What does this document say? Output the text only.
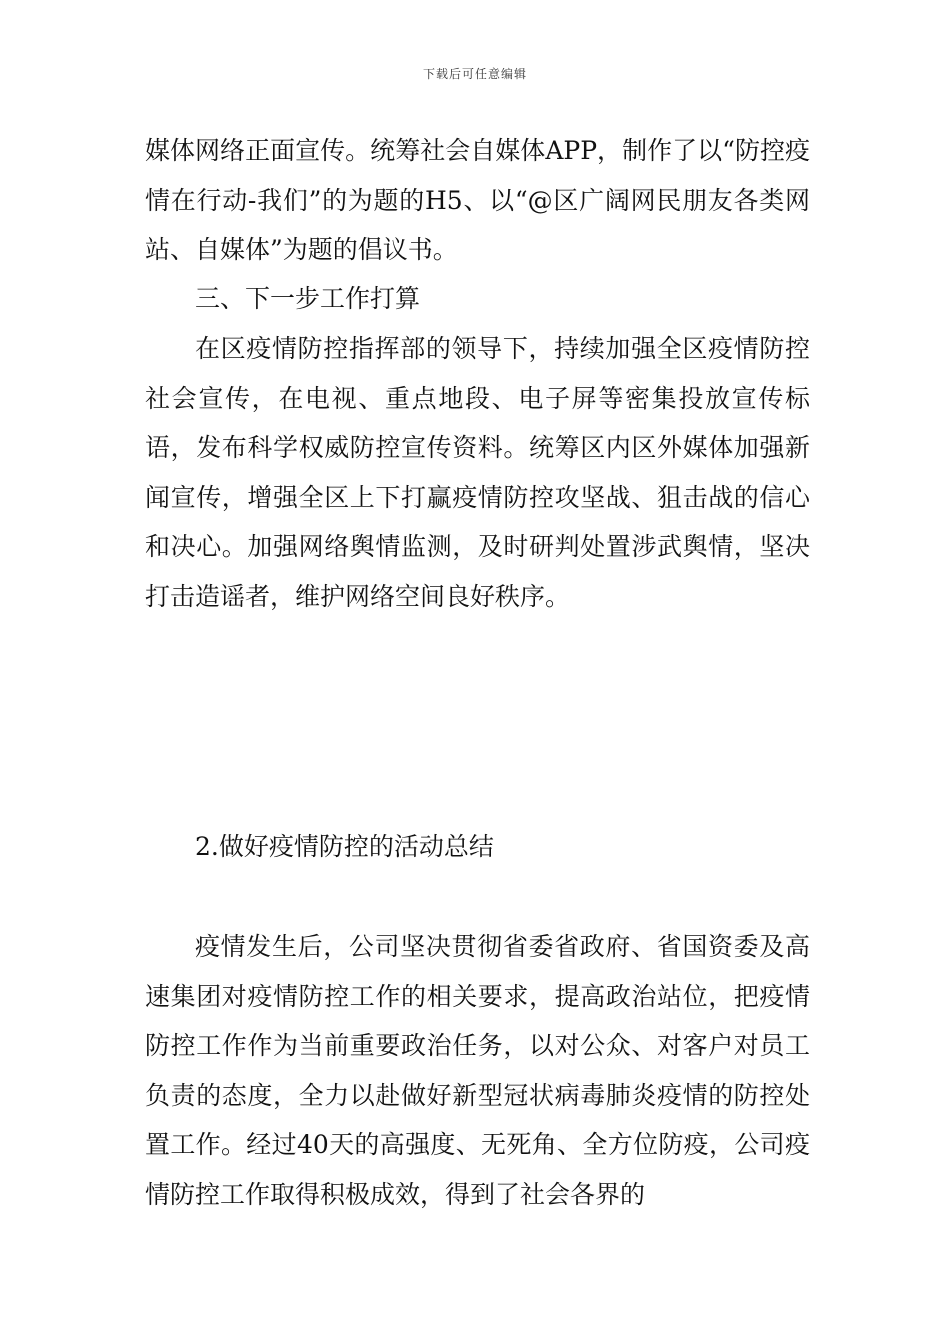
下载后可任意编辑

媒体网络正面宣传。统筹社会自媒体APP，制作了以“防控疫情在行动-我们”的为题的H5、以“@区广阔网民朋友各类网站、自媒体”为题的倡议书。

三、下一步工作打算

在区疫情防控指挥部的领导下，持续加强全区疫情防控社会宣传，在电视、重点地段、电子屏等密集投放宣传标语，发布科学权威防控宣传资料。统筹区内区外媒体加强新闻宣传，增强全区上下打赢疫情防控攻坚战、狙击战的信心和决心。加强网络舆情监测，及时研判处置涉武舆情，坚决打击造谣者，维护网络空间良好秩序。

2.做好疫情防控的活动总结

疫情发生后，公司坚决贯彻省委省政府、省国资委及高速集团对疫情防控工作的相关要求，提高政治站位，把疫情防控工作作为当前重要政治任务，以对公众、对客户对员工负责的态度，全力以赴做好新型冠状病毒肺炎疫情的防控处置工作。经过40天的高强度、无死角、全方位防疫，公司疫情防控工作取得积极成效，得到了社会各界的
